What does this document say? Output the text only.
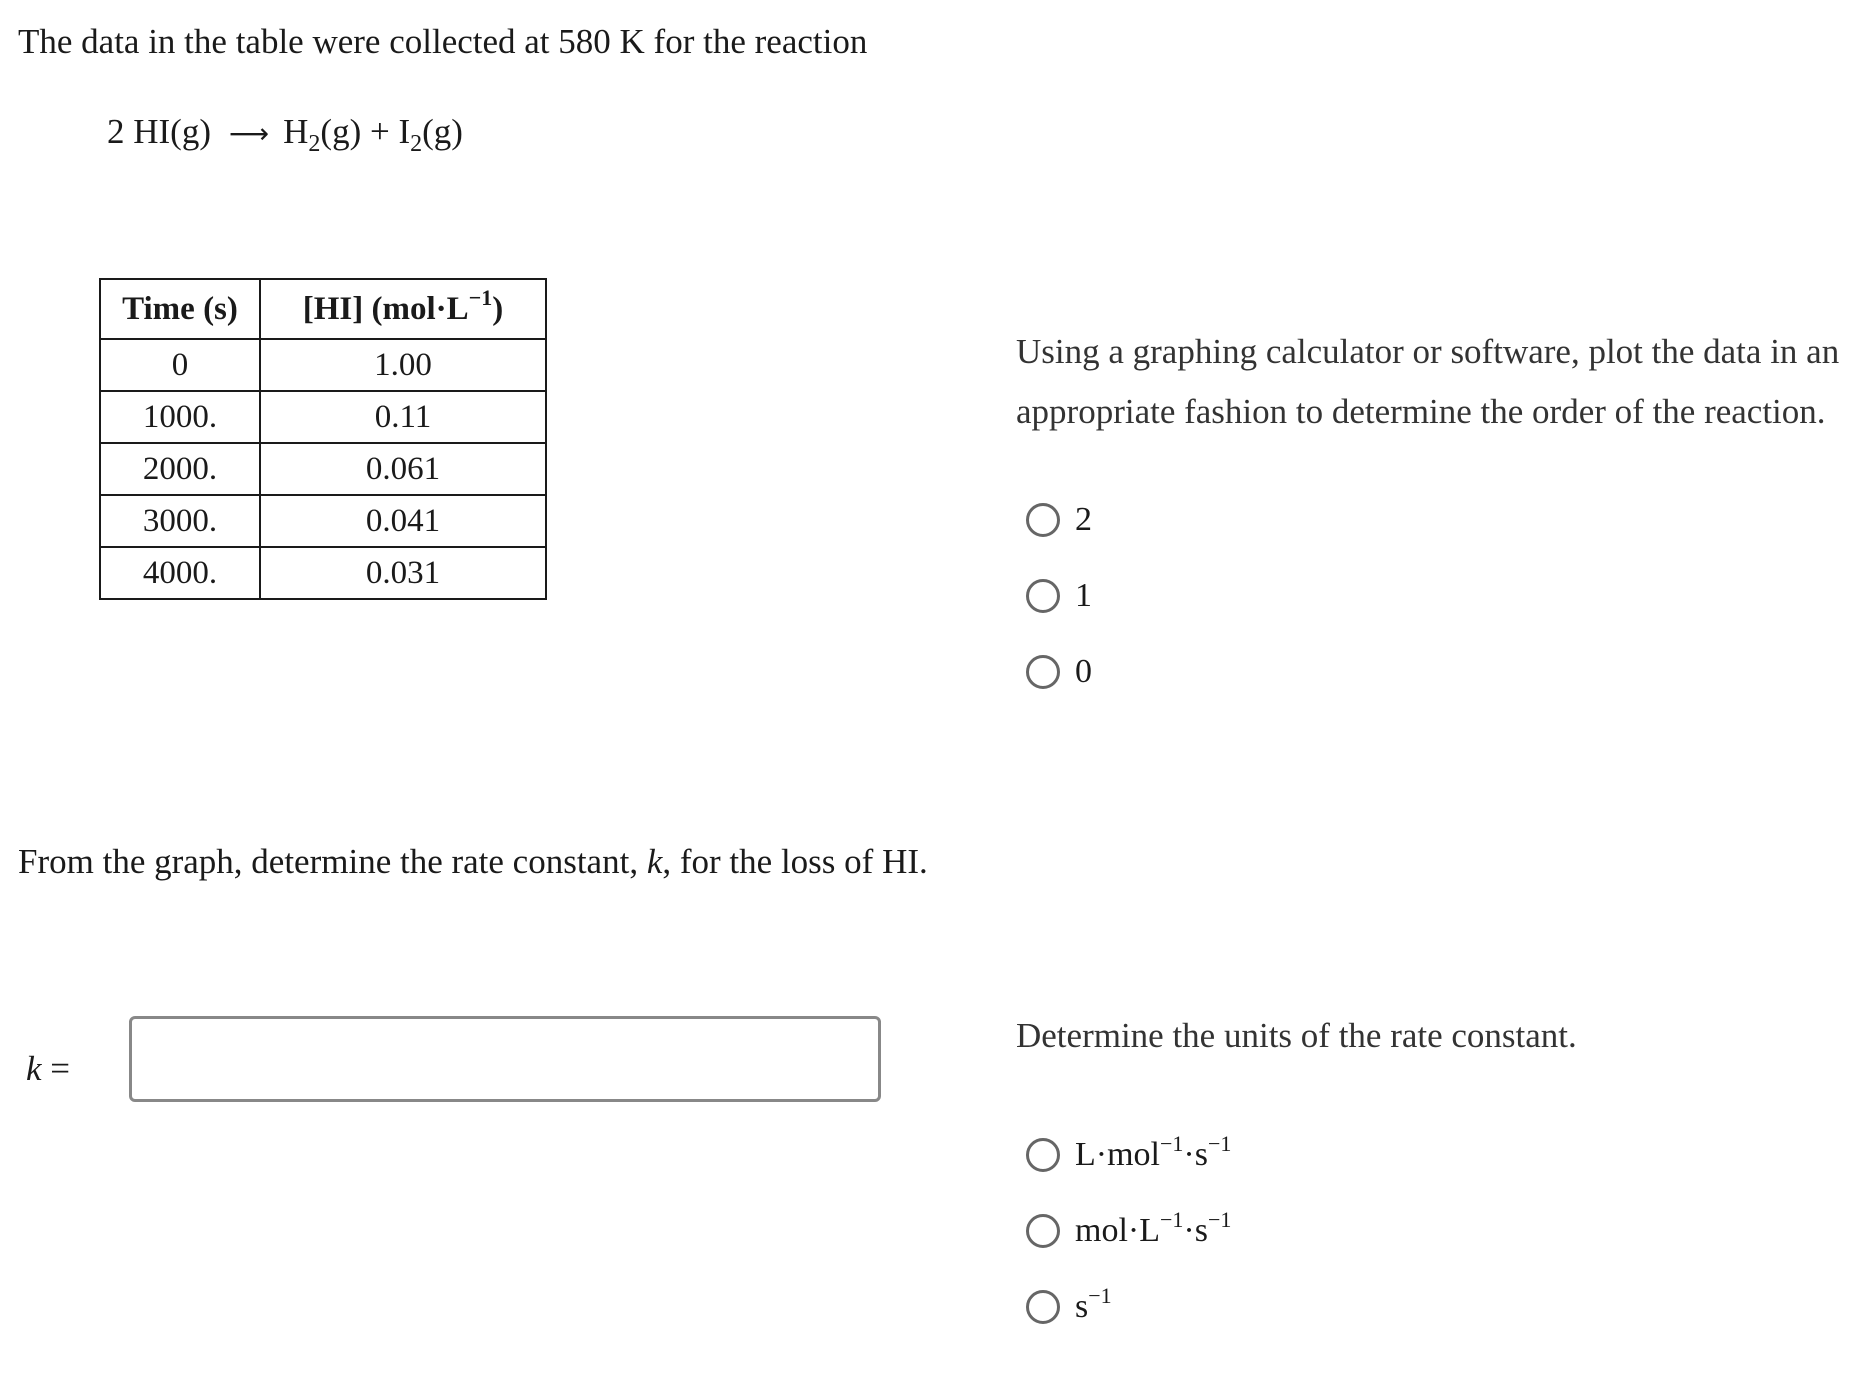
The data in the table were collected at 580 K for the reaction
2 HI(g) ⟶ $H_2(g) + I_2(g)$
Time (s)	[HI] $(mol\cdot L^{-1})$
0	1.00
1000.	0.11
2000.	0.061
3000.	0.041
4000.	0.031
Using a graphing calculator or software, plot the data in an appropriate fashion to determine the order of the reaction.
2
1
0
From the graph, determine the rate constant, k, for the loss of HI.
k =
Determine the units of the rate constant.
$L\cdot mol^{-1}\cdot s^{-1}$
$mol\cdot L^{-1}\cdot s^{-1}$
$s^{-1}$
